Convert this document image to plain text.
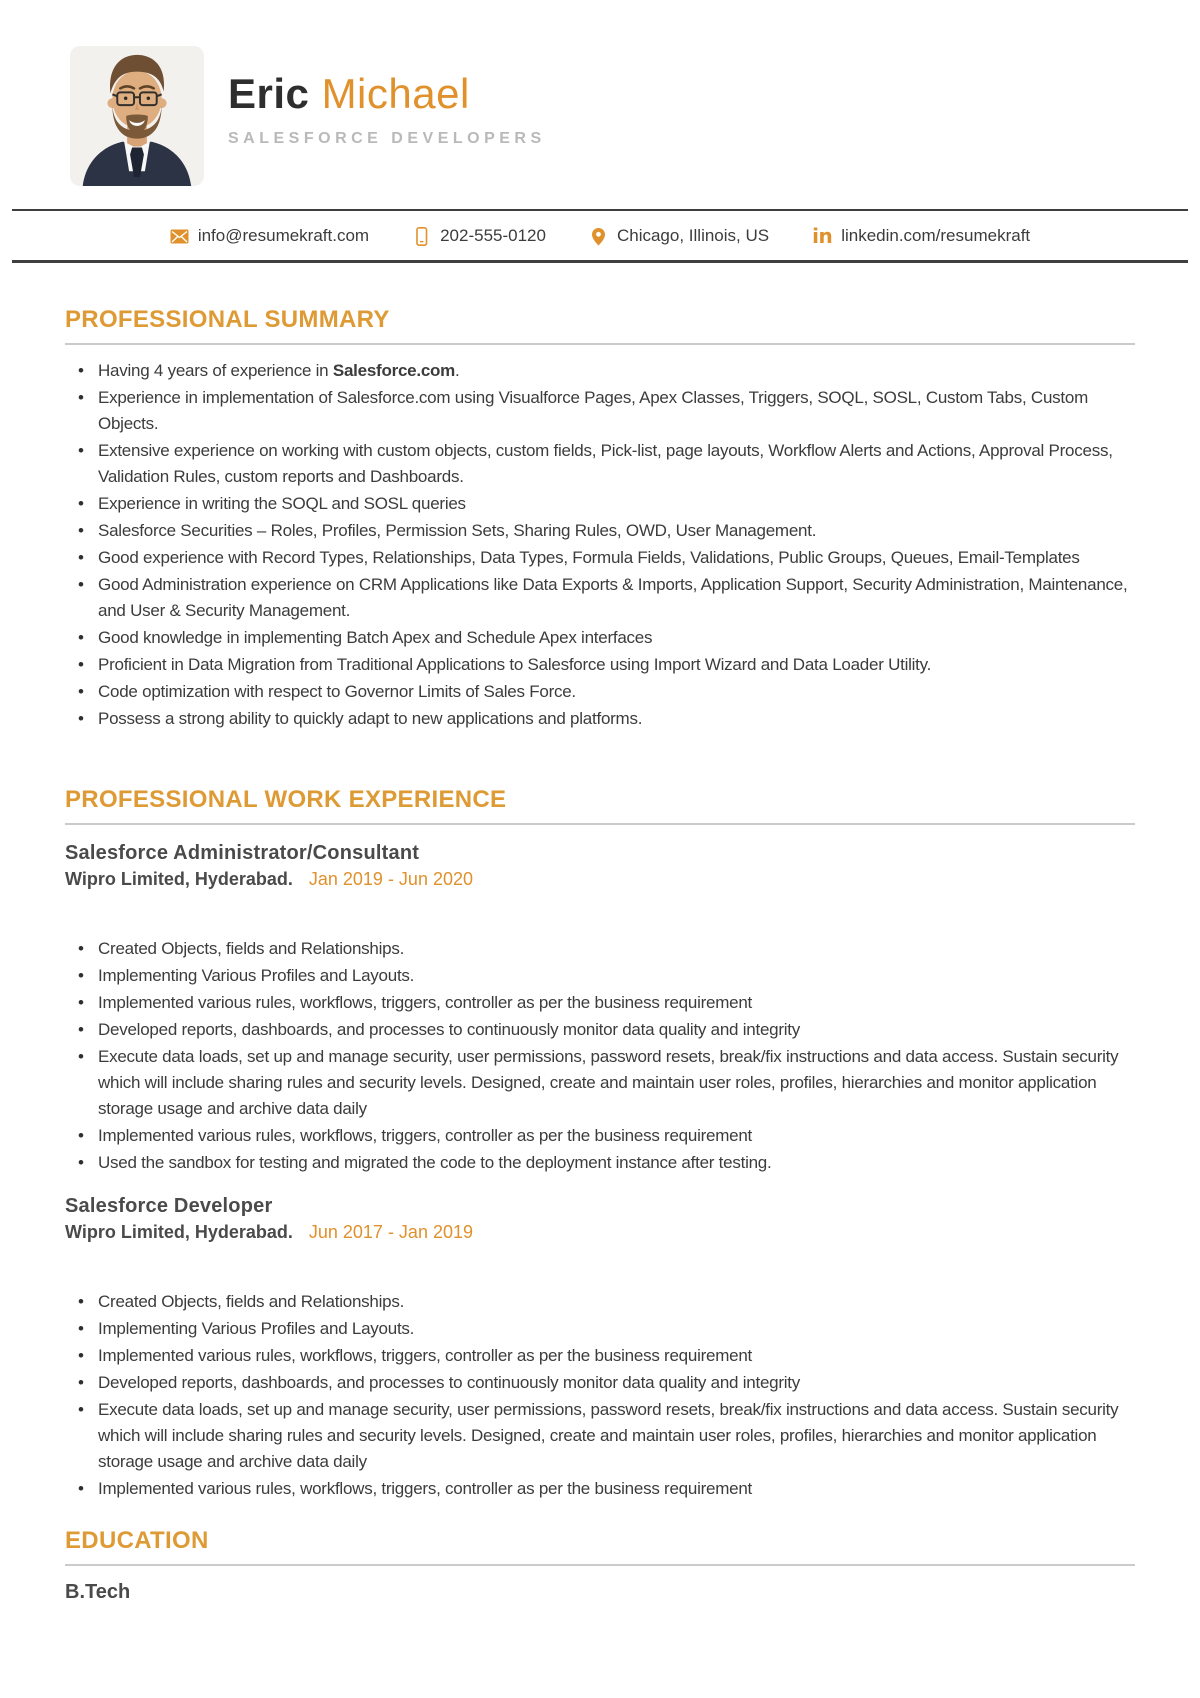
Eric Michael
SALESFORCE DEVELOPERS
info@resumekraft.com	202-555-0120	Chicago, Illinois, US in linkedin.com/resumekraft
PROFESSIONAL SUMMARY
• Having 4 years of experience in Salesforce.com.
• Experience in implementation of Salesforce.com using Visualforce Pages, Apex Classes, Triggers, SOQL, SOSL, Custom Tabs, Custom Objects.
• Extensive experience on working with custom objects, custom fields, Pick-list, page layouts, Workflow Alerts and Actions, Approval Process, Validation Rules, custom reports and Dashboards.
• Experience in writing the SOQL and SOSL queries
• Salesforce Securities – Roles, Profiles, Permission Sets, Sharing Rules, OWD, User Management.
• Good experience with Record Types, Relationships, Data Types, Formula Fields, Validations, Public Groups, Queues, Email-Templates
• Good Administration experience on CRM Applications like Data Exports & Imports, Application Support, Security Administration, Maintenance, and User & Security Management.
• Good knowledge in implementing Batch Apex and Schedule Apex interfaces
• Proficient in Data Migration from Traditional Applications to Salesforce using Import Wizard and Data Loader Utility.
• Code optimization with respect to Governor Limits of Sales Force.
• Possess a strong ability to quickly adapt to new applications and platforms.
PROFESSIONAL WORK EXPERIENCE
Salesforce Administrator/Consultant
Wipro Limited, Hyderabad. Jan 2019 - Jun 2020
• Created Objects, fields and Relationships.
• Implementing Various Profiles and Layouts.
• Implemented various rules, workflows, triggers, controller as per the business requirement
• Developed reports, dashboards, and processes to continuously monitor data quality and integrity
• Execute data loads, set up and manage security, user permissions, password resets, break/fix instructions and data access. Sustain security which will include sharing rules and security levels. Designed, create and maintain user roles, profiles, hierarchies and monitor application storage usage and archive data daily
• Implemented various rules, workflows, triggers, controller as per the business requirement
• Used the sandbox for testing and migrated the code to the deployment instance after testing.
Salesforce Developer
Wipro Limited, Hyderabad. Jun 2017 - Jan 2019
• Created Objects, fields and Relationships.
• Implementing Various Profiles and Layouts.
• Implemented various rules, workflows, triggers, controller as per the business requirement
• Developed reports, dashboards, and processes to continuously monitor data quality and integrity
• Execute data loads, set up and manage security, user permissions, password resets, break/fix instructions and data access. Sustain security which will include sharing rules and security levels. Designed, create and maintain user roles, profiles, hierarchies and monitor application storage usage and archive data daily
• Implemented various rules, workflows, triggers, controller as per the business requirement
EDUCATION
B.Tech
